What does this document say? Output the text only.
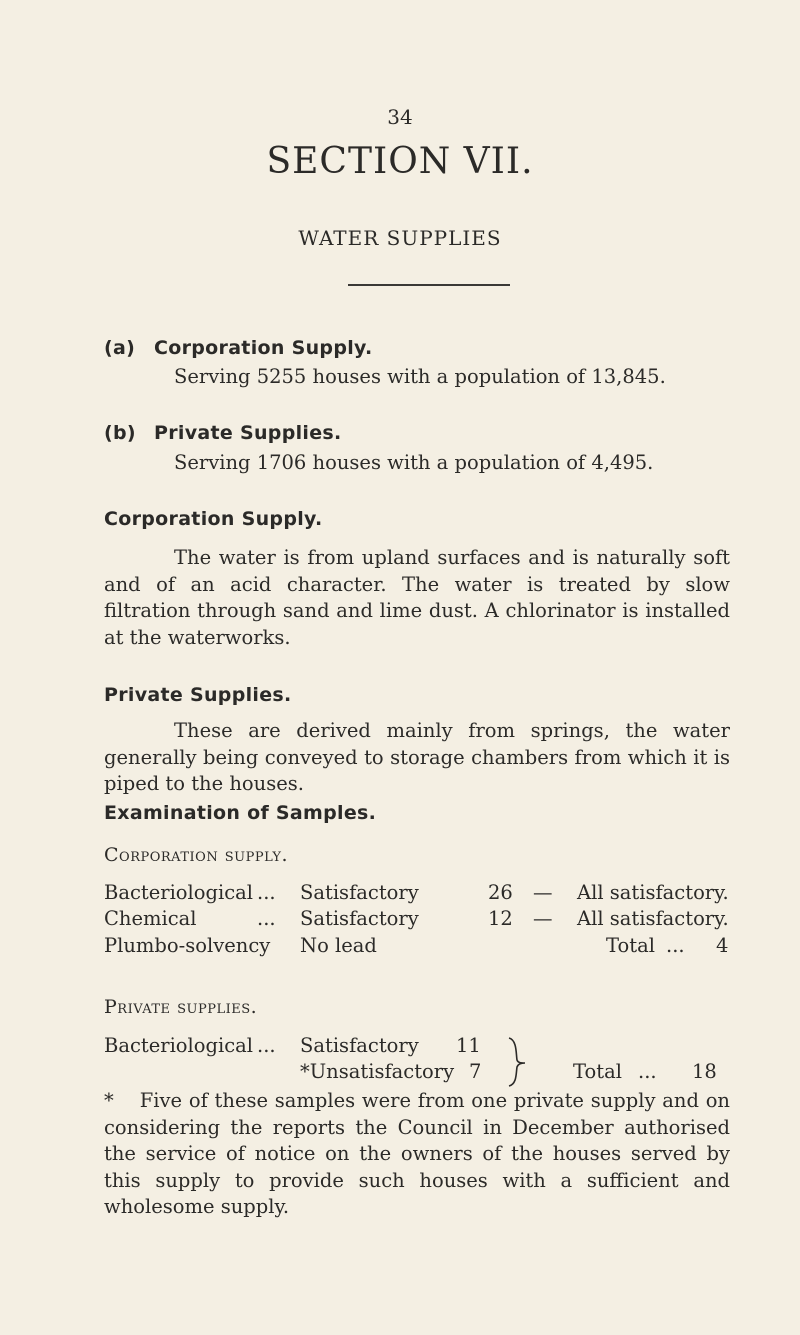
34
SECTION VII.
WATER SUPPLIES
(a) Corporation Supply.
Serving 5255 houses with a population of 13,845.
(b) Private Supplies.
Serving 1706 houses with a population of 4,495.
Corporation Supply.
The water is from upland surfaces and is naturally soft and of an acid character. The water is treated by slow filtration through sand and lime dust. A chlorinator is installed at the waterworks.
Private Supplies.
These are derived mainly from springs, the water generally being conveyed to storage chambers from which it is piped to the houses.
Examination of Samples.
Corporation supply.
Bacteriological ... Satisfactory	26 — All satisfactory.
Chemical	... Satisfactory	12 — All satisfactory.
Plumbo-solvency No lead	Total ... 4
Private supplies.
Bacteriological ... Satisfactory 11
*Unsatisfactory 7	Total ... 18
* Five of these samples were from one private supply and on considering the reports the Council in December authorised the service of notice on the owners of the houses served by this supply to provide such houses with a sufficient and wholesome supply.
